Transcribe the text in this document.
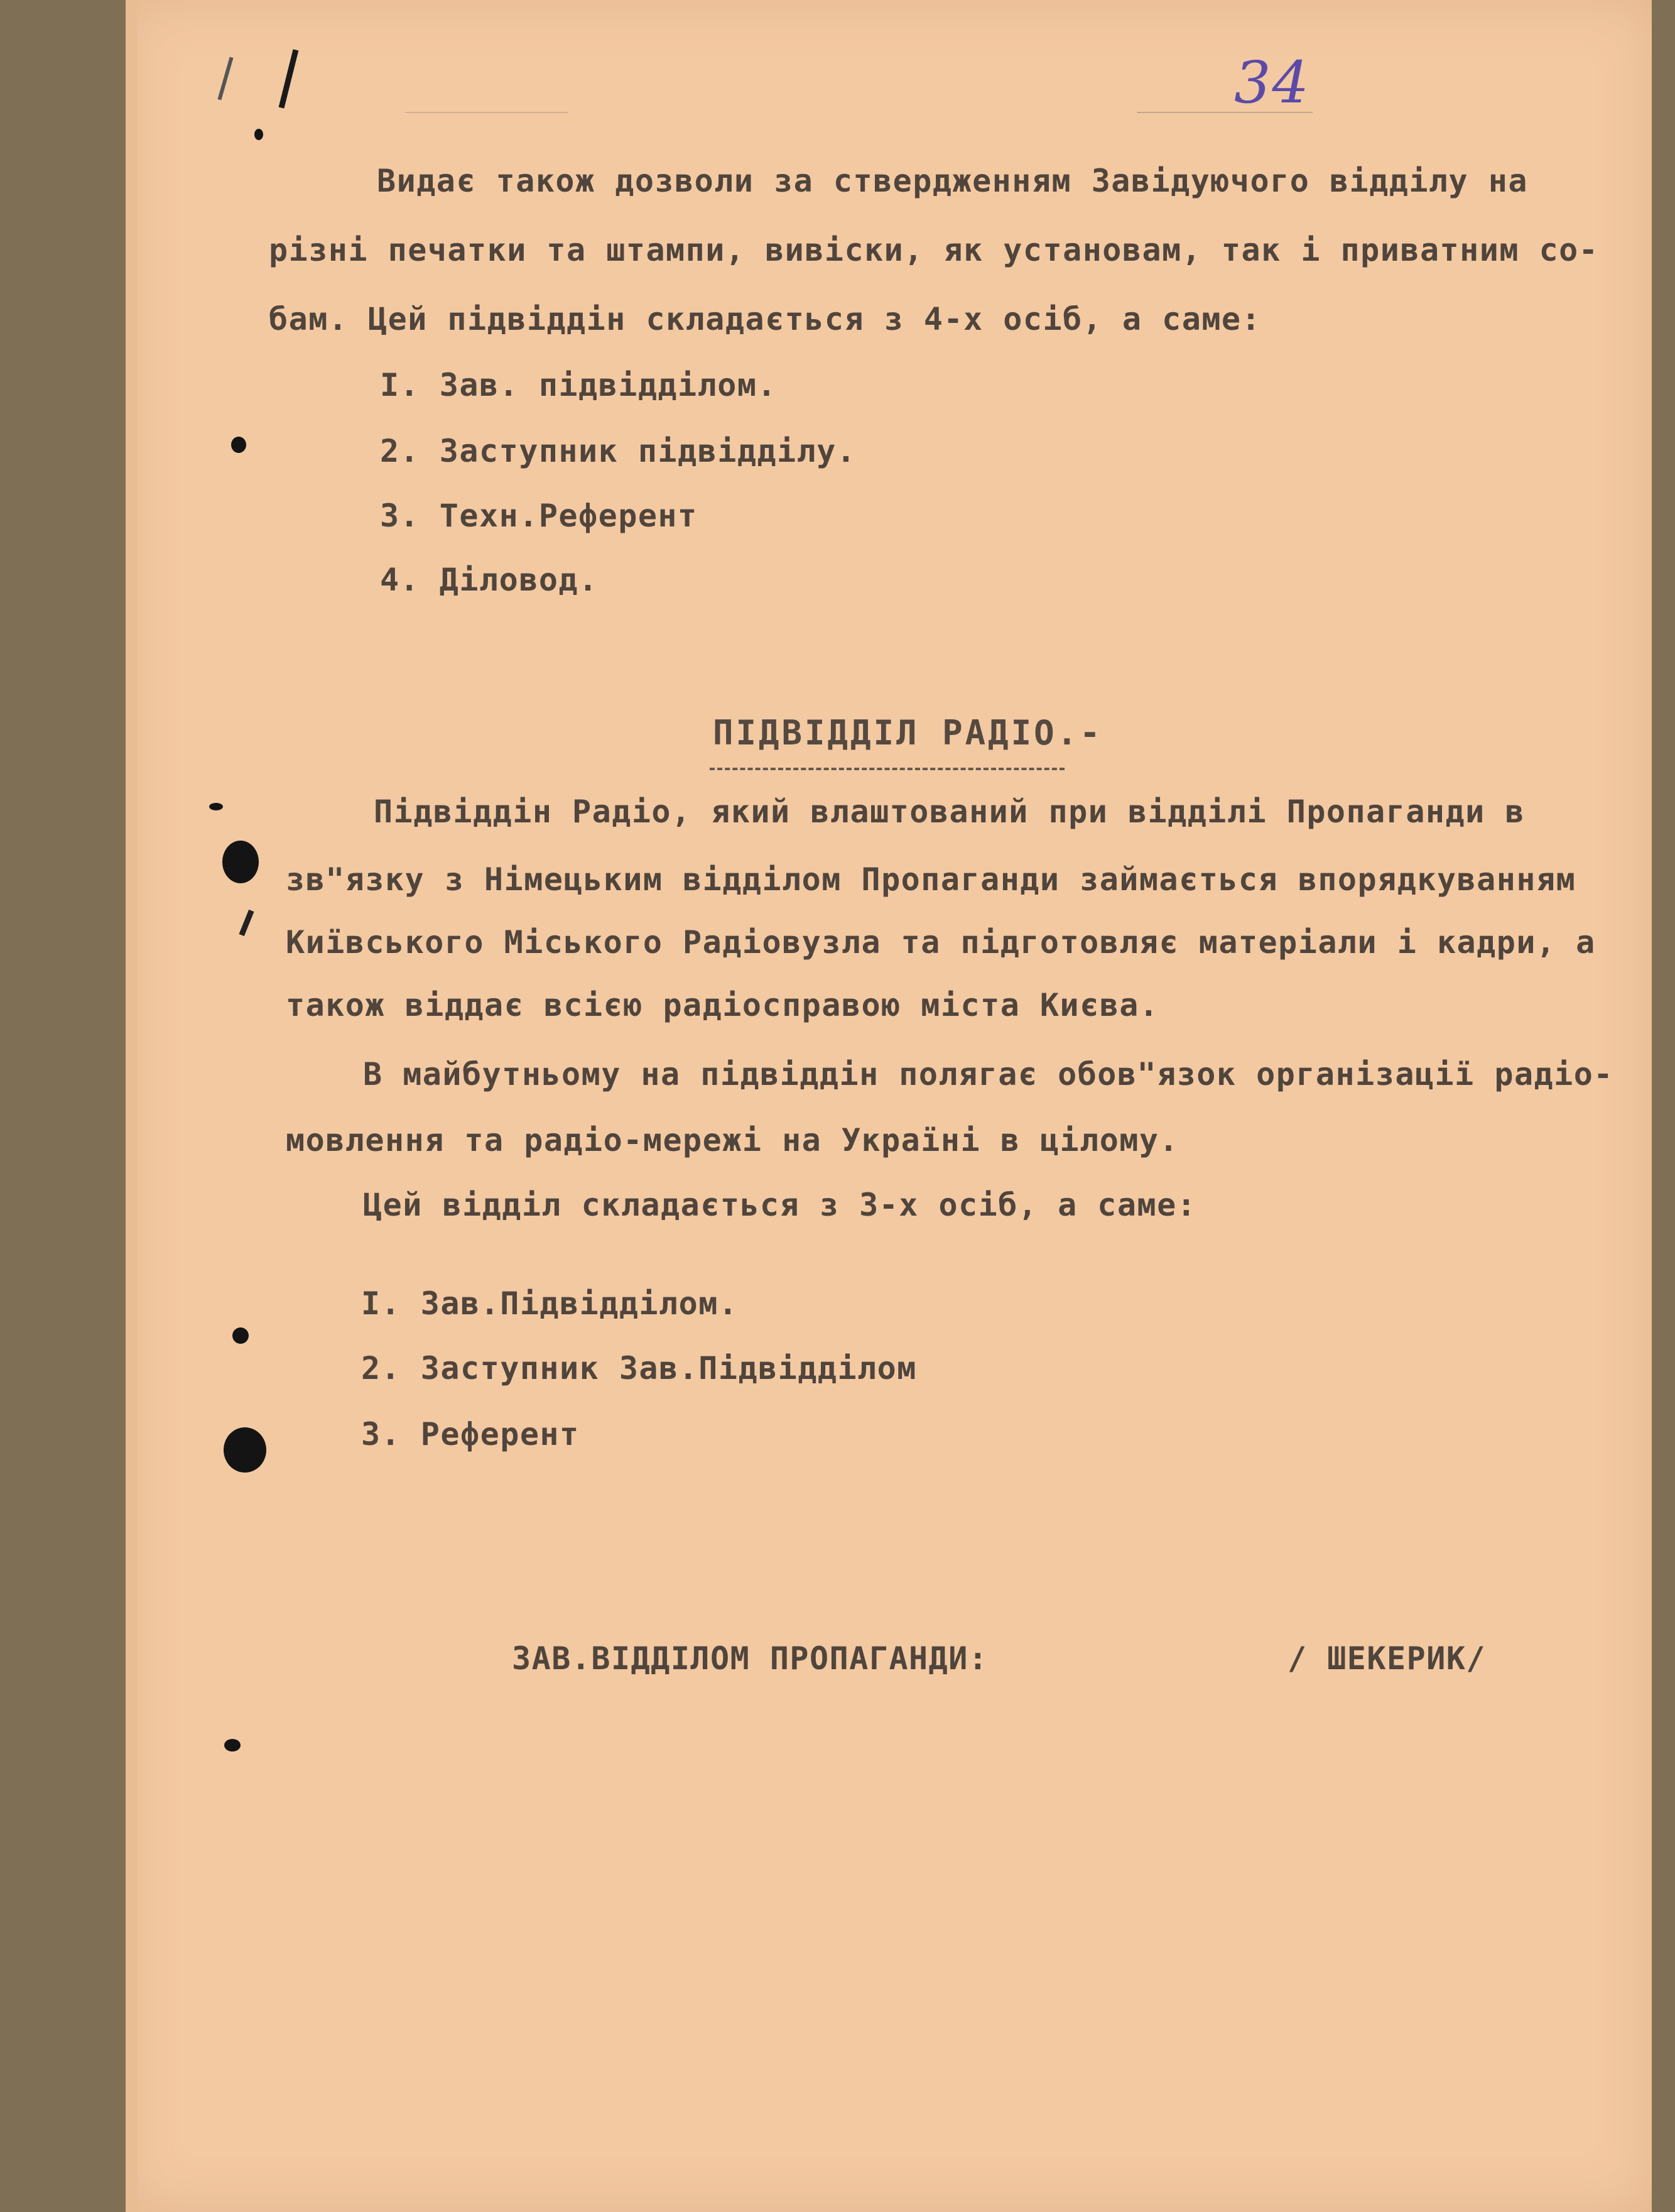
34
Видає також дозволи за ствердженням Завідуючого відділу на
різні печатки та штампи, вивіски, як установам, так і приватним со-
бам. Цей підвіддін складається з 4-х осіб, а саме:
I. Зав. підвідділом.
2. Заступник підвідділу.
3. Техн.Референт
4. Діловод.
ПІДВІДДІЛ РАДІО.-
Підвіддін Радіо, який влаштований при відділі Пропаганди в
зв"язку з Німецьким відділом Пропаганди займається впорядкуванням
Київського Міського Радіовузла та підготовляє матеріали і кадри, а
також віддає всією радіосправою міста Києва.
В майбутньому на підвіддін полягає обов"язок організації радіо-
мовлення та радіо-мережі на Україні в цілому.
Цей відділ складається з 3-х осіб, а саме:
I. Зав.Підвідділом.
2. Заступник Зав.Підвідділом
3. Референт
ЗАВ.ВІДДІЛОМ ПРОПАГАНДИ:	/ ШЕКЕРИК/
